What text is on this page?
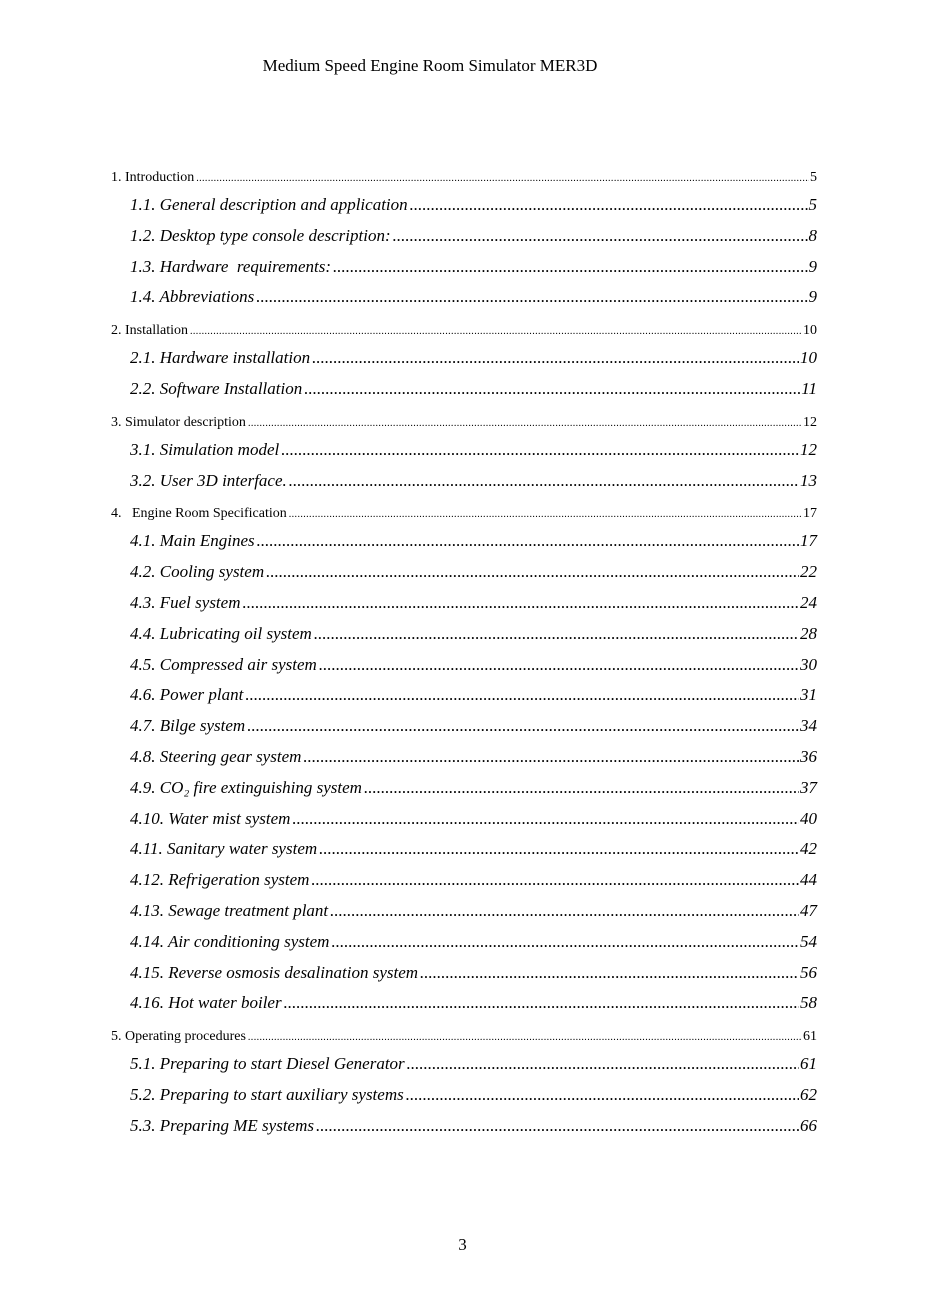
Medium Speed Engine Room Simulator MER3D
1. Introduction .....	5
1.1. General description and application .....	5
1.2. Desktop type console description: .....	8
1.3. Hardware  requirements: .....	9
1.4. Abbreviations .....	9
2. Installation .....	10
2.1. Hardware installation .....	10
2.2. Software Installation .....	11
3. Simulator description .....	12
3.1. Simulation model .....	12
3.2. User 3D interface. .....	13
4.   Engine Room Specification .....	17
4.1. Main Engines .....	17
4.2. Cooling system .....	22
4.3. Fuel system .....	24
4.4. Lubricating oil system .....	28
4.5. Compressed air system .....	30
4.6. Power plant .....	31
4.7. Bilge system .....	34
4.8. Steering gear system .....	36
4.9. CO₂ fire extinguishing system .....	37
4.10. Water mist system .....	40
4.11. Sanitary water system .....	42
4.12. Refrigeration system .....	44
4.13. Sewage treatment plant .....	47
4.14. Air conditioning system .....	54
4.15. Reverse osmosis desalination system .....	56
4.16. Hot water boiler .....	58
5. Operating procedures .....	61
5.1. Preparing to start Diesel Generator .....	61
5.2. Preparing to start auxiliary systems .....	62
5.3. Preparing ME systems .....	66
3
